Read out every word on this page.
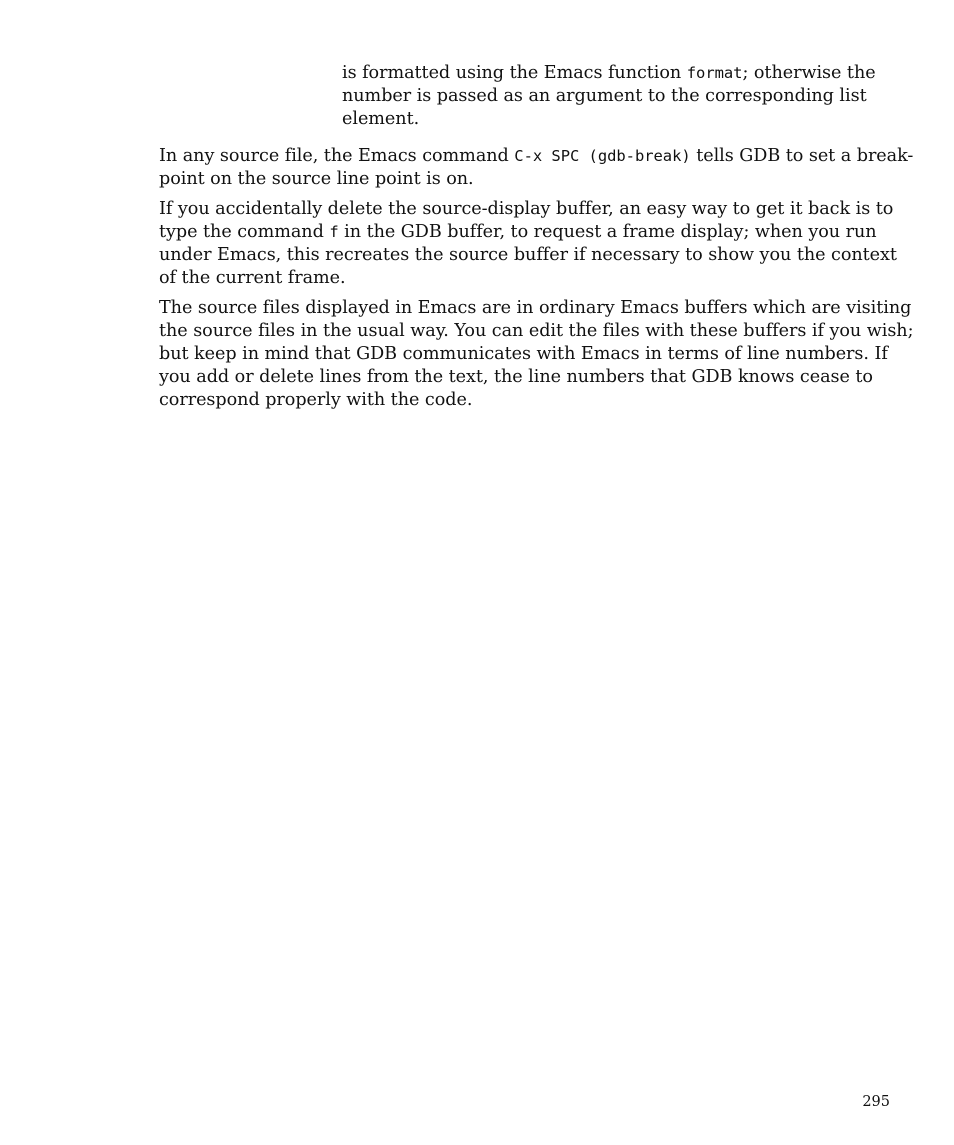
is formatted using the Emacs function format; otherwise the number is passed as an argument to the corresponding list element.

In any source file, the Emacs command C-x SPC (gdb-break) tells GDB to set a break- point on the source line point is on.

If you accidentally delete the source-display buffer, an easy way to get it back is to type the command f in the GDB buffer, to request a frame display; when you run under Emacs, this recreates the source buffer if necessary to show you the context of the current frame.

The source files displayed in Emacs are in ordinary Emacs buffers which are visiting the source files in the usual way. You can edit the files with these buffers if you wish; but keep in mind that GDB communicates with Emacs in terms of line numbers. If you add or delete lines from the text, the line numbers that GDB knows cease to correspond properly with the code.

295
